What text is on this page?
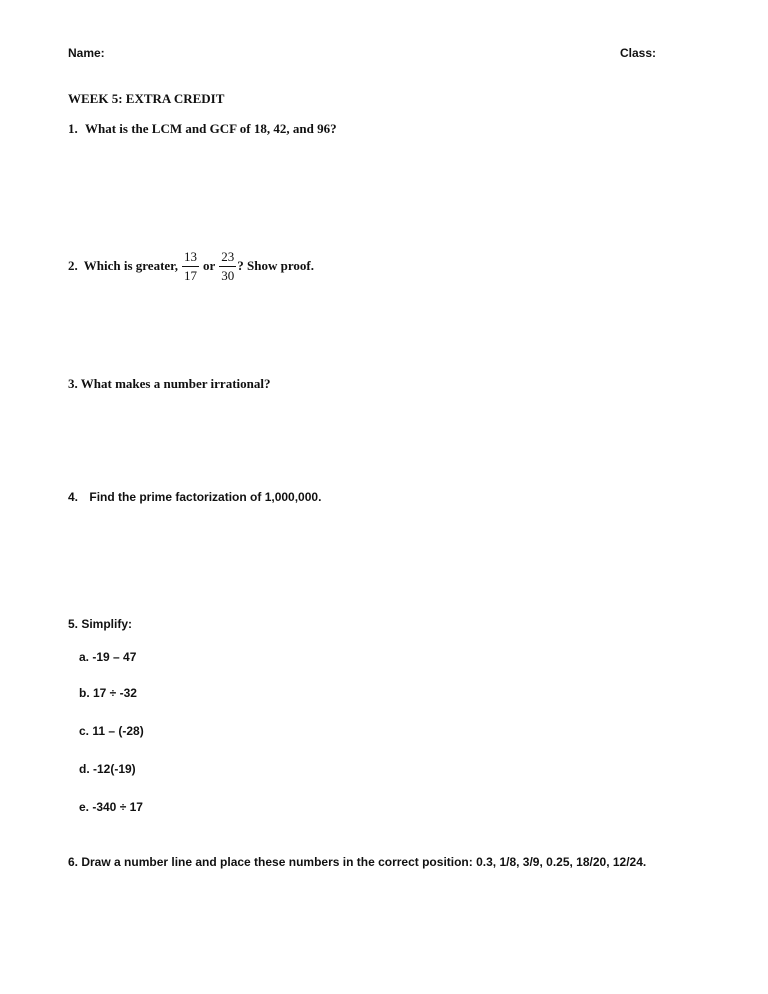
Name:	Class:
WEEK 5: EXTRA CREDIT
1. What is the LCM and GCF of 18, 42, and 96?
2. Which is greater, $\frac{13}{17}$ or $\frac{23}{30}$ ? Show proof.
3. What makes a number irrational?
4. Find the prime factorization of 1,000,000.
5. Simplify:
a. -19 – 47
b. 17 ÷ -32
c. 11 – (-28)
d. -12(-19)
e. -340 ÷ 17
6. Draw a number line and place these numbers in the correct position: 0.3, 1/8, 3/9, 0.25, 18/20, 12/24.
